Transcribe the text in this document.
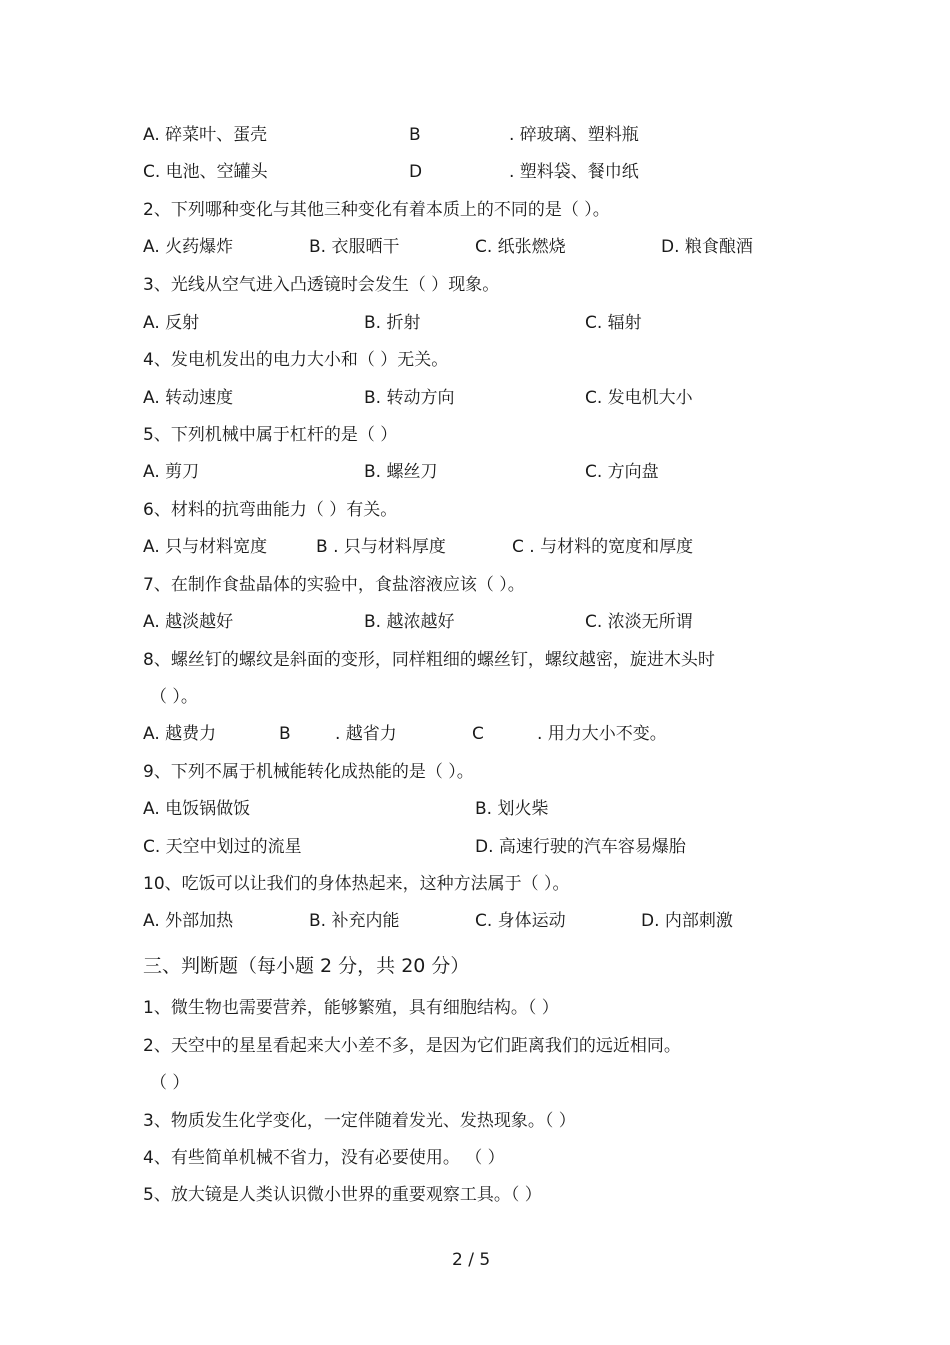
A. 碎菜叶、蛋壳	B	. 碎玻璃、塑料瓶
C. 电池、空罐头	D	. 塑料袋、餐巾纸
2、下列哪种变化与其他三种变化有着本质上的不同的是（ ）。
A. 火药爆炸	B. 衣服晒干	C. 纸张燃烧	D. 粮食酿酒
3、光线从空气进入凸透镜时会发生（ ）现象。
A. 反射	B. 折射	C. 辐射
4、发电机发出的电力大小和（ ）无关。
A. 转动速度	B. 转动方向	C. 发电机大小
5、下列机械中属于杠杆的是（ ）
A. 剪刀	B. 螺丝刀	C. 方向盘
6、材料的抗弯曲能力（ ）有关。
A. 只与材料宽度	B . 只与材料厚度	C . 与材料的宽度和厚度
7、在制作食盐晶体的实验中，食盐溶液应该（ ）。
A. 越淡越好	B. 越浓越好	C. 浓淡无所谓
8、螺丝钉的螺纹是斜面的变形，同样粗细的螺丝钉，螺纹越密，旋进木头时
（ ）。
A. 越费力	B	. 越省力	C	. 用力大小不变。
9、下列不属于机械能转化成热能的是（ ）。
A. 电饭锅做饭	B. 划火柴
C. 天空中划过的流星	D. 高速行驶的汽车容易爆胎
10、吃饭可以让我们的身体热起来，这种方法属于（ ）。
A. 外部加热	B. 补充内能	C. 身体运动	D. 内部刺激
三、判断题（每小题 2 分，共 20 分）
1、微生物也需要营养，能够繁殖，具有细胞结构。（ ）
2、天空中的星星看起来大小差不多，是因为它们距离我们的远近相同。
（ ）
3、物质发生化学变化，一定伴随着发光、发热现象。（ ）
4、有些简单机械不省力，没有必要使用。 （ ）
5、放大镜是人类认识微小世界的重要观察工具。（ ）
2 / 5
